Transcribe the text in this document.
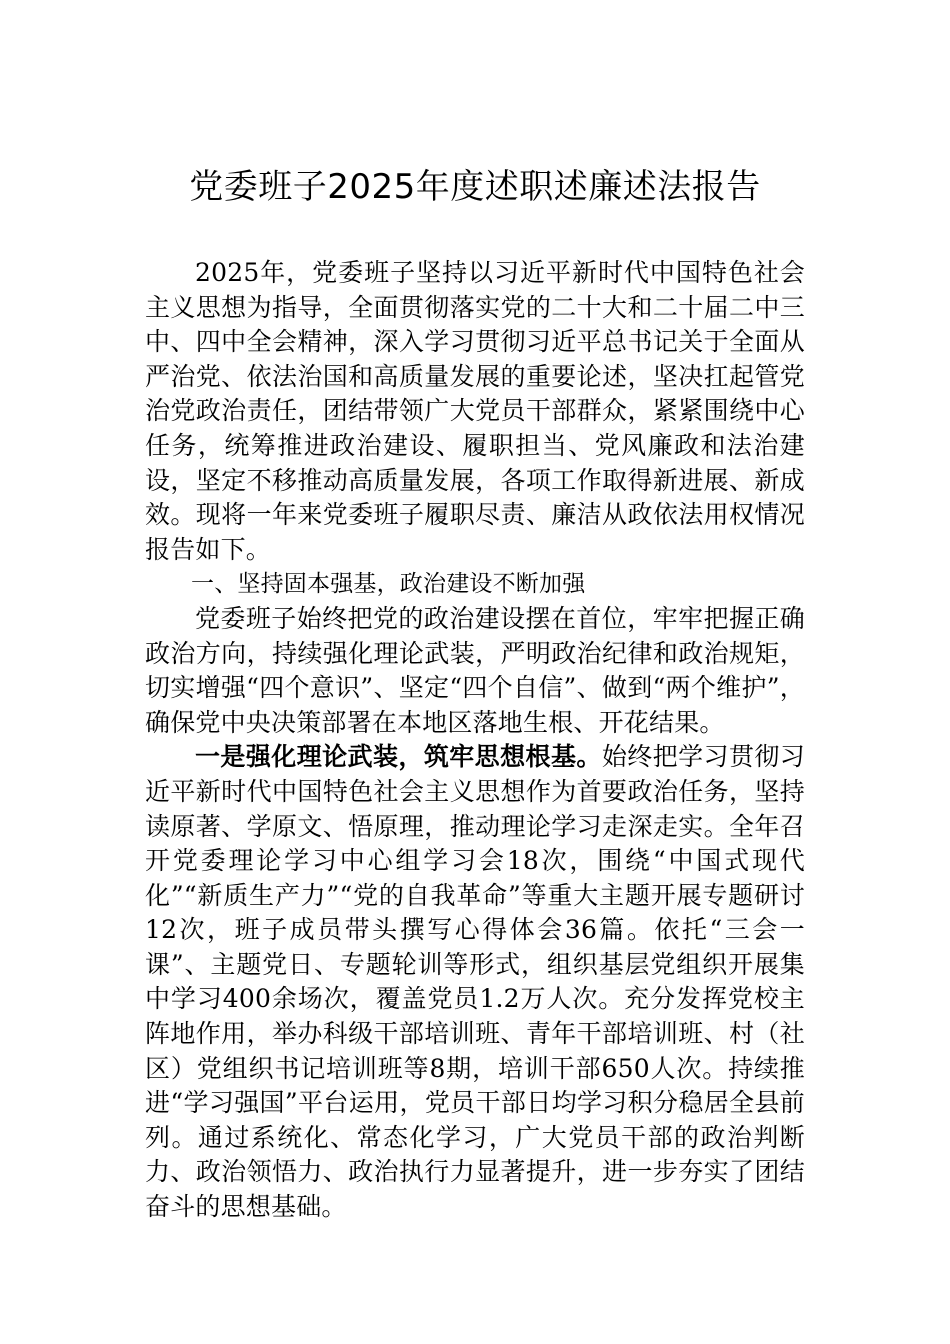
党委班子2025年度述职述廉述法报告

2025年，党委班子坚持以习近平新时代中国特色社会主义思想为指导，全面贯彻落实党的二十大和二十届二中三中、四中全会精神，深入学习贯彻习近平总书记关于全面从严治党、依法治国和高质量发展的重要论述，坚决扛起管党治党政治责任，团结带领广大党员干部群众，紧紧围绕中心任务，统筹推进政治建设、履职担当、党风廉政和法治建设，坚定不移推动高质量发展，各项工作取得新进展、新成效。现将一年来党委班子履职尽责、廉洁从政依法用权情况报告如下。

一、坚持固本强基，政治建设不断加强

党委班子始终把党的政治建设摆在首位，牢牢把握正确政治方向，持续强化理论武装，严明政治纪律和政治规矩，切实增强“四个意识”、坚定“四个自信”、做到“两个维护”，确保党中央决策部署在本地区落地生根、开花结果。

一是强化理论武装，筑牢思想根基。始终把学习贯彻习近平新时代中国特色社会主义思想作为首要政治任务，坚持读原著、学原文、悟原理，推动理论学习走深走实。全年召开党委理论学习中心组学习会18次，围绕“中国式现代化”“新质生产力”“党的自我革命”等重大主题开展专题研讨12次，班子成员带头撰写心得体会36篇。依托“三会一课”、主题党日、专题轮训等形式，组织基层党组织开展集中学习400余场次，覆盖党员1.2万人次。充分发挥党校主阵地作用，举办科级干部培训班、青年干部培训班、村（社区）党组织书记培训班等8期，培训干部650人次。持续推进“学习强国”平台运用，党员干部日均学习积分稳居全县前列。通过系统化、常态化学习，广大党员干部的政治判断力、政治领悟力、政治执行力显著提升，进一步夯实了团结奋斗的思想基础。
